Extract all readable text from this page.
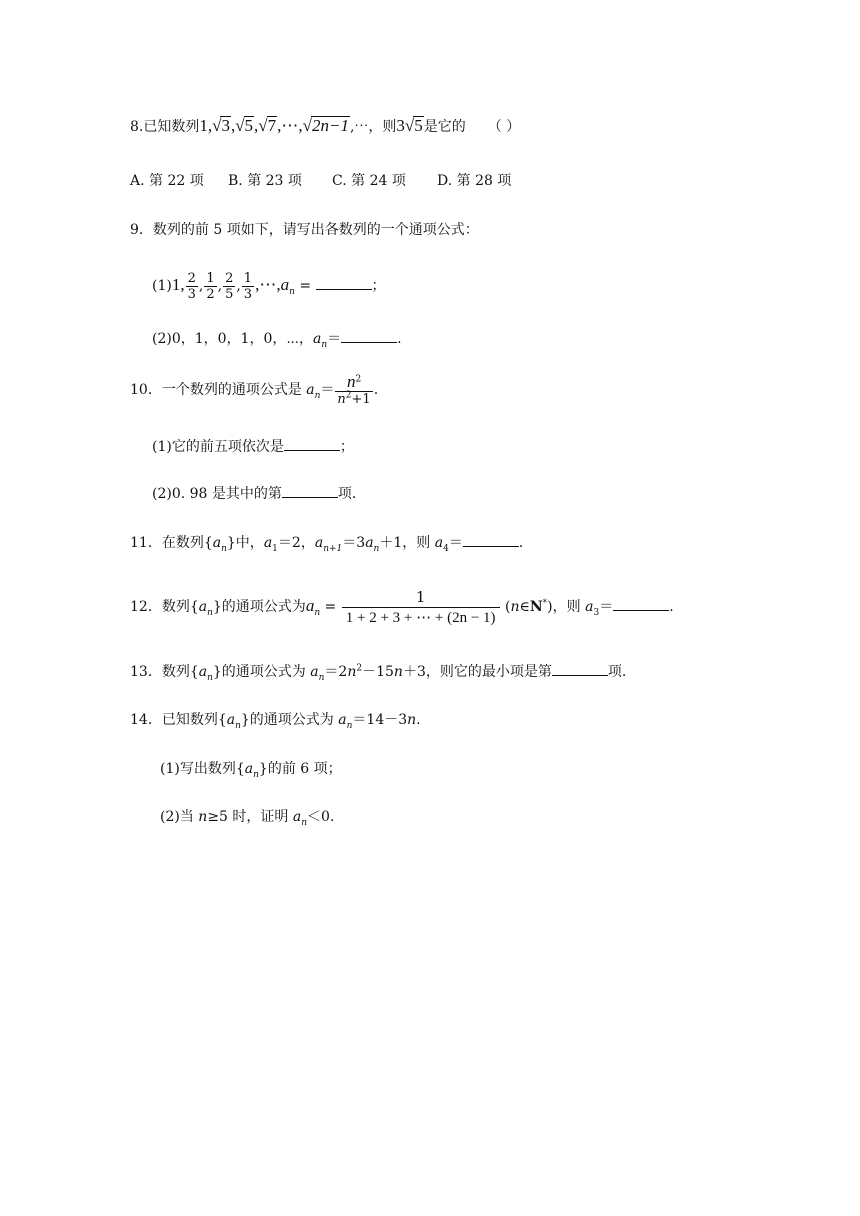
8.已知数列1,√3,√5,√7,⋯,√2n−1,⋯，则3√5是它的 （ ）
A. 第 22 项 B. 第 23 项 C. 第 24 项 D. 第 28 项
9．数列的前 5 项如下，请写出各数列的一个通项公式：
(1)1, $\frac{2}{3}$ , $\frac{1}{2}$ , $\frac{2}{5}$ , $\frac{1}{3}$ $,\cdots,a_n$ =	；
(2)0，1，0，1，0，⋯，$a_n=$	.
10．一个数列的通项公式是 $a_n= \frac{n^2}{n^2+1}$ .
(1)它的前五项依次是	；
(2)0. 98 是其中的第	项.
11．在数列$\{a_n\}$中，$a_1=2$，$a_{n+1}=3a_n+1$，则 $a_4=$	.
12．数列$\{a_n\}$的通项公式为$a_n = \frac{1}{1 + 2 + 3 + \cdots + (2n - 1)}$ (n∈N*)，则 $a_3=$	.
13．数列$\{a_n\}$的通项公式为 $a_n=2n^2-15n+3$，则它的最小项是第	项.
14．已知数列$\{a_n\}$的通项公式为 $a_n=14-3n$.
(1)写出数列$\{a_n\}$的前 6 项；
(2)当 n≥5 时，证明 $a_n<0$.
